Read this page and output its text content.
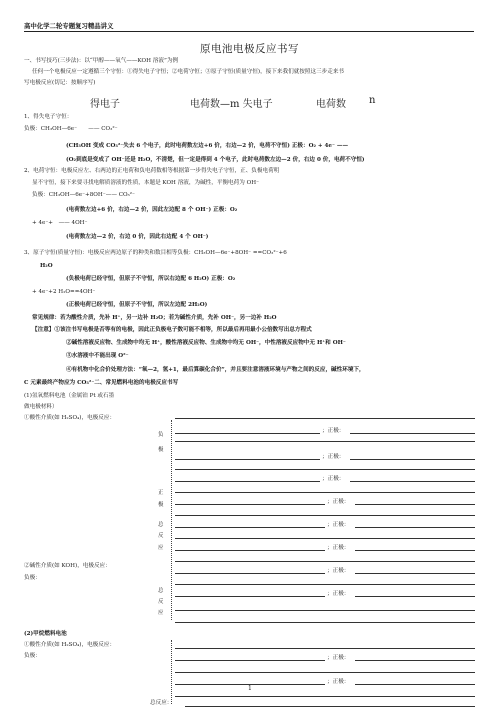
高中化学二轮专题复习精品讲义
原电池电极反应书写
一、书写技巧(三步法)：以“甲醇——氧气——KOH 溶液”为例
任何一个电极反应一定遵循三个守恒：①得失电子守恒；②电荷守恒；③原子守恒(质量守恒)，接下来我们就按照这三步走来书
写电极反应(切记：按顺序写)
得电子	电荷数—m 失电子	电荷数 n
1、得失电子守恒：
负极：CH₃OH—6e⁻　　—— CO₃²⁻
(CH₃OH 变成 CO₃²⁻失去 6 个电子，此时电荷数左边+6 价，右边—2 价，电荷不守恒) 正极：O₂ + 4e⁻ ——
(O₂到底是变成了 OH⁻还是 H₂O，不清楚，但一定是得到 4 个电子，此时电荷数左边—2 价，右边 0 价，电荷不守恒)
2、电荷守恒：电极反应左、右两边的正电荷和负电荷数相等根据第一步得失电子守恒，正、负极电荷明
显不守恒，接下来要寻找电解质溶液的性质，本题是 KOH 溶液，为碱性，平衡电荷为 OH⁻
负极：CH₃OH—6e⁻+8OH⁻—— CO₃²⁻
(电荷数左边+6 价，右边—2 价，因此左边配 8 个 OH⁻) 正极：O₂
+ 4e⁻+　—— 4OH⁻
(电荷数左边—2 价，右边 0 价，因此右边配 4 个 OH⁻)
3、原子守恒(质量守恒)：电极反应两边原子的种类和数目相等负极：CH₃OH—6e⁻+8OH⁻ ==CO₃²⁻+6
H₂O
(负极电荷已经守恒，但原子不守恒，所以右边配 6 H₂O) 正极：O₂
+ 4e⁻+2 H₂O==4OH⁻
(正极电荷已经守恒，但原子不守恒，所以左边配 2H₂O)
常见规律：若为酸性介质，先补 H⁺，另一边补 H₂O；若为碱性介质，先补 OH⁻，另一边补 H₂O
【注意】①该注书写电极是否等有的电极，因此正负极电子数可能不相等，所以最后再用最小公倍数写出总方程式
②碱性溶液反应物、生成物中均无 H⁺，酸性溶液反应物、生成物中均无 OH⁻，中性溶液反应物中无 H⁺和 OH⁻
③水溶液中不能出现 O²⁻
④有机物中化合价处理方法：“氧—2，氢+1，最后算碳化合价”，并且要注意溶液环境与产物之间的反应，碱性环境下，
C 元素最终产物应为 CO₃²⁻二、常见燃料电池的电极反应书写
(1)氢氧燃料电池（金属铂 Pt 或石墨
做电极材料）
①酸性介质(如 H₂SO₄)，电极反应：
负
极
正
极
总
反
应
②碱性介质(如 KOH)，电极反应：
负极：
总
反
应
(2)甲烷燃料电池
①酸性介质(如 H₂SO₄)，电极反应：
负极：
总反应：
；正极：
；正极：
；正极：
；正极：
；正极：
；正极：
；正极：
；正极：
；正极：
；正极：
1
